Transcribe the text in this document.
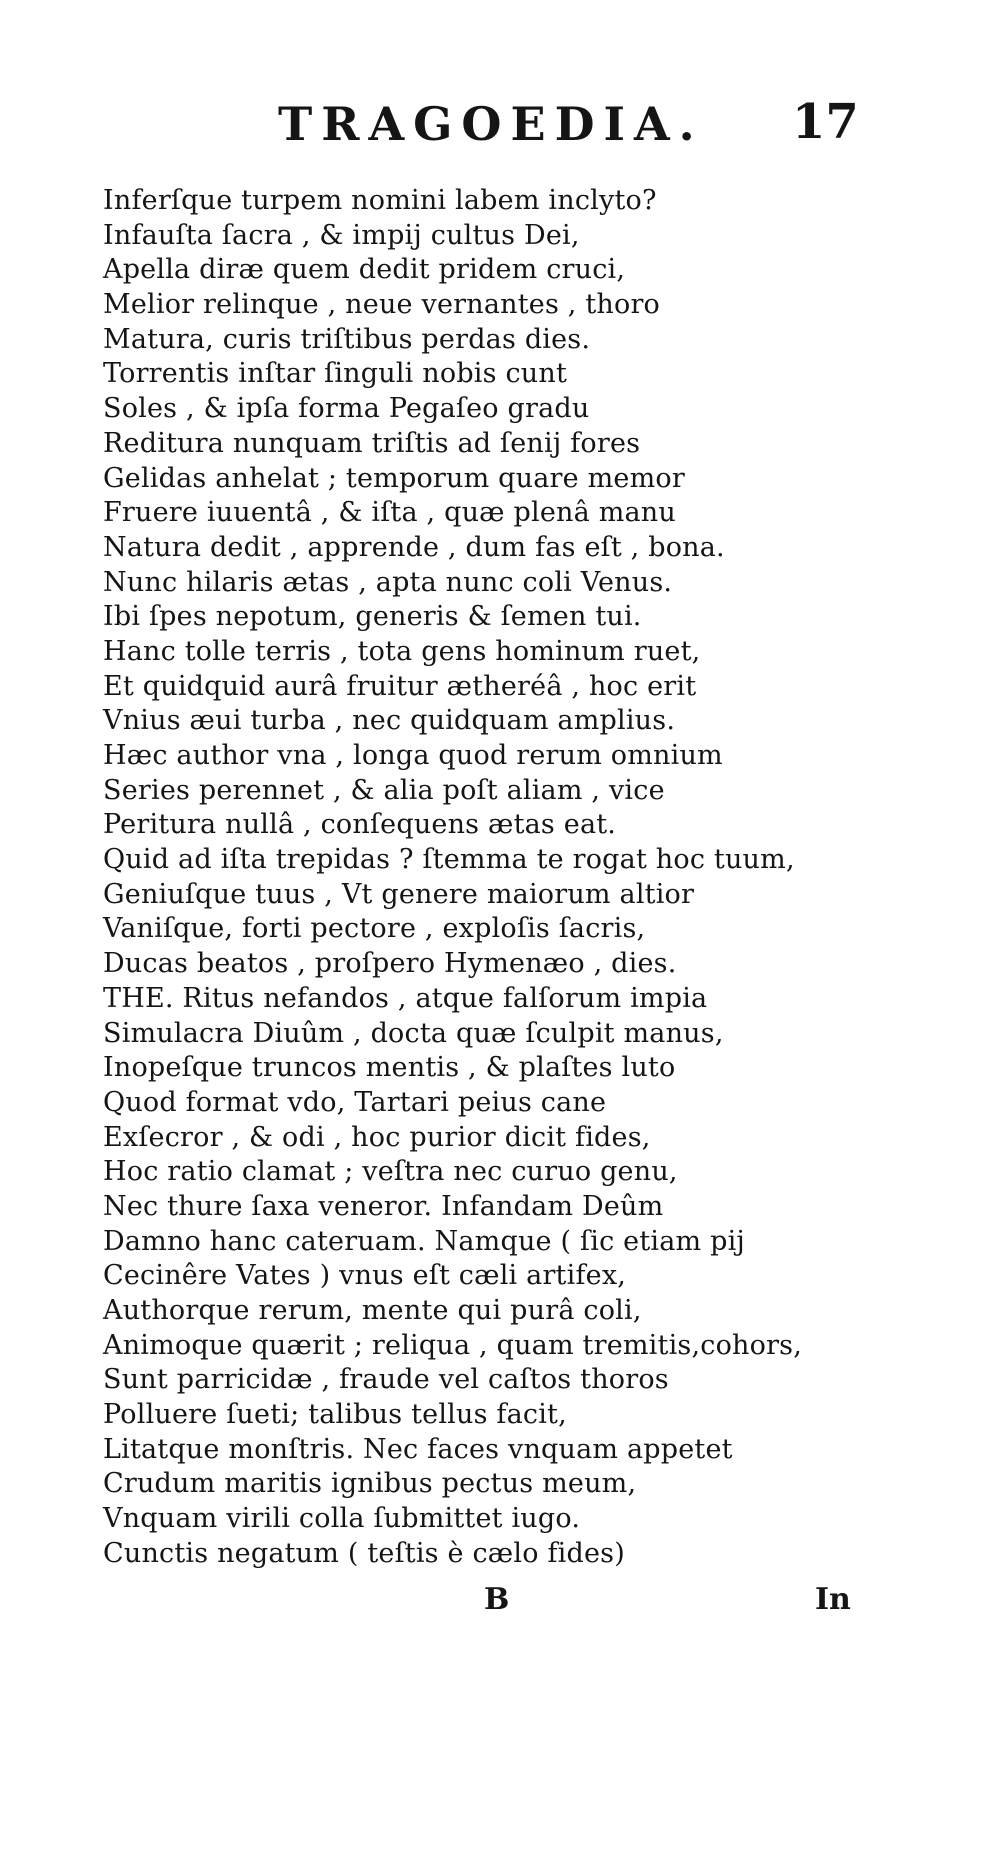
TRAGOEDIA. 17
Inferſque turpem nomini labem inclyto?
Infauſta ſacra , & impij cultus Dei,
Apella diræ quem dedit pridem cruci,
Melior relinque , neue vernantes , thoro
Matura, curis triſtibus perdas dies.
Torrentis inſtar ſinguli nobis cunt
Soles , & ipſa forma Pegaſeo gradu
Reditura nunquam triſtis ad ſenij fores
Gelidas anhelat ; temporum quare memor
Fruere iuuentâ , & iſta , quæ plenâ manu
Natura dedit , apprende , dum fas eſt , bona.
Nunc hilaris ætas , apta nunc coli Venus.
Ibi ſpes nepotum, generis & ſemen tui.
Hanc tolle terris , tota gens hominum ruet,
Et quidquid aurâ fruitur ætheréâ , hoc erit
Vnius æui turba , nec quidquam amplius.
Hæc author vna , longa quod rerum omnium
Series perennet , & alia poſt aliam , vice
Peritura nullâ , conſequens ætas eat.
Quid ad iſta trepidas ? ſtemma te rogat hoc tuum,
Geniuſque tuus , Vt genere maiorum altior
Vaniſque, forti pectore , exploſis ſacris,
Ducas beatos , proſpero Hymenæo , dies.
THE. Ritus nefandos , atque falſorum impia
Simulacra Diuûm , docta quæ ſculpit manus,
Inopeſque truncos mentis , & plaſtes luto
Quod format vdo, Tartari peius cane
Exſecror , & odi , hoc purior dicit fides,
Hoc ratio clamat ; veſtra nec curuo genu,
Nec thure ſaxa veneror. Infandam Deûm
Damno hanc cateruam. Namque ( ſic etiam pij
Cecinêre Vates ) vnus eſt cæli artifex,
Authorque rerum, mente qui purâ coli,
Animoque quærit ; reliqua , quam tremitis,cohors,
Sunt parricidæ , fraude vel caſtos thoros
Polluere ſueti; talibus tellus facit,
Litatque monſtris. Nec faces vnquam appetet
Crudum maritis ignibus pectus meum,
Vnquam virili colla ſubmittet iugo.
Cunctis negatum ( teſtis è cælo fides)
B	In
